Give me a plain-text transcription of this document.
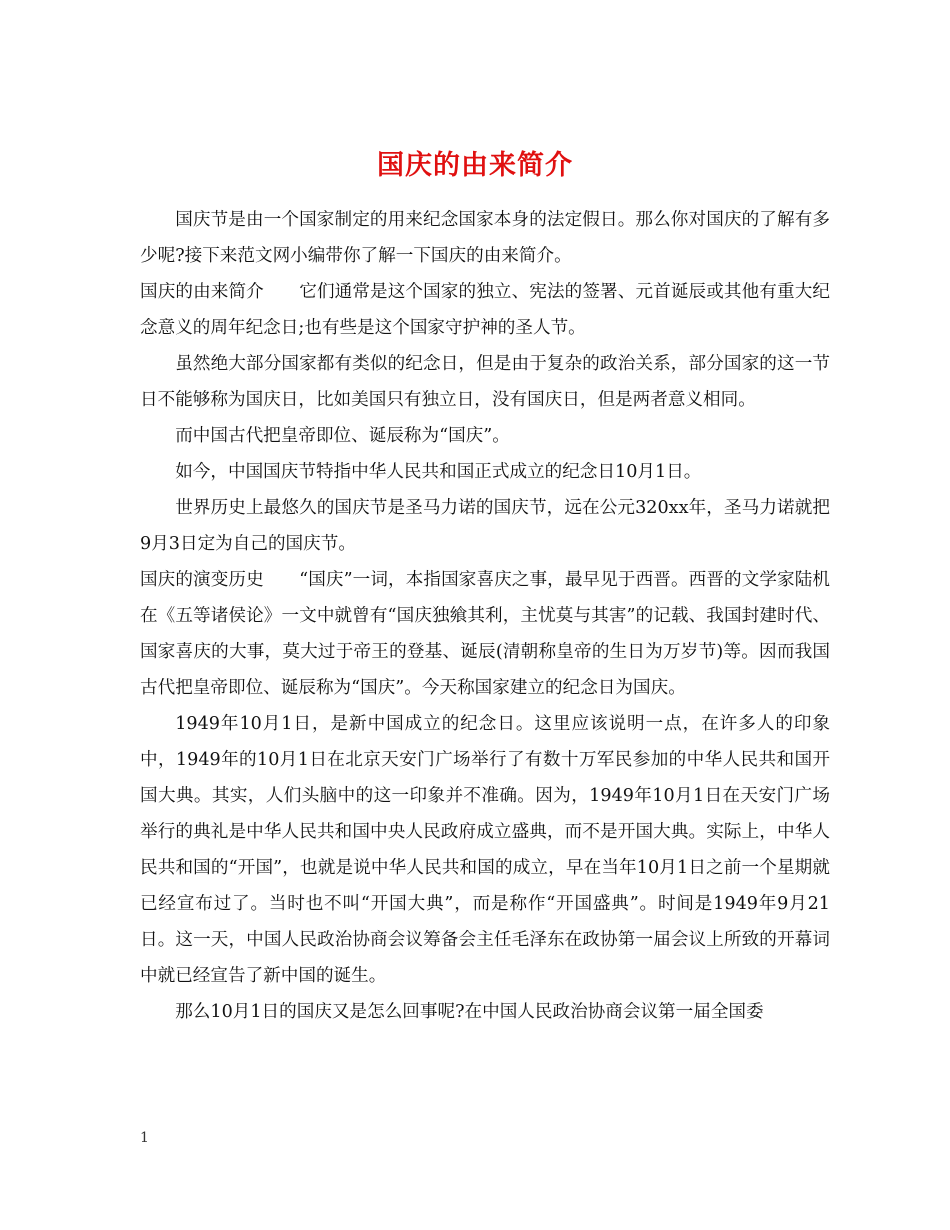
国庆的由来简介

国庆节是由一个国家制定的用来纪念国家本身的法定假日。那么你对国庆的了解有多少呢?接下来范文网小编带你了解一下国庆的由来简介。

国庆的由来简介　　它们通常是这个国家的独立、宪法的签署、元首诞辰或其他有重大纪念意义的周年纪念日;也有些是这个国家守护神的圣人节。

虽然绝大部分国家都有类似的纪念日，但是由于复杂的政治关系，部分国家的这一节日不能够称为国庆日，比如美国只有独立日，没有国庆日，但是两者意义相同。

而中国古代把皇帝即位、诞辰称为“国庆”。

如今，中国国庆节特指中华人民共和国正式成立的纪念日10月1日。

世界历史上最悠久的国庆节是圣马力诺的国庆节，远在公元320xx年，圣马力诺就把9月3日定为自己的国庆节。

国庆的演变历史　　“国庆”一词，本指国家喜庆之事，最早见于西晋。西晋的文学家陆机在《五等诸侯论》一文中就曾有“国庆独飨其利，主忧莫与其害”的记载、我国封建时代、国家喜庆的大事，莫大过于帝王的登基、诞辰(清朝称皇帝的生日为万岁节)等。因而我国古代把皇帝即位、诞辰称为“国庆”。今天称国家建立的纪念日为国庆。

1949年10月1日，是新中国成立的纪念日。这里应该说明一点，在许多人的印象中，1949年的10月1日在北京天安门广场举行了有数十万军民参加的中华人民共和国开国大典。其实，人们头脑中的这一印象并不准确。因为，1949年10月1日在天安门广场举行的典礼是中华人民共和国中央人民政府成立盛典，而不是开国大典。实际上，中华人民共和国的“开国”，也就是说中华人民共和国的成立，早在当年10月1日之前一个星期就已经宣布过了。当时也不叫“开国大典”，而是称作“开国盛典”。时间是1949年9月21日。这一天，中国人民政治协商会议筹备会主任毛泽东在政协第一届会议上所致的开幕词中就已经宣告了新中国的诞生。

那么10月1日的国庆又是怎么回事呢?在中国人民政治协商会议第一届全国委

1
